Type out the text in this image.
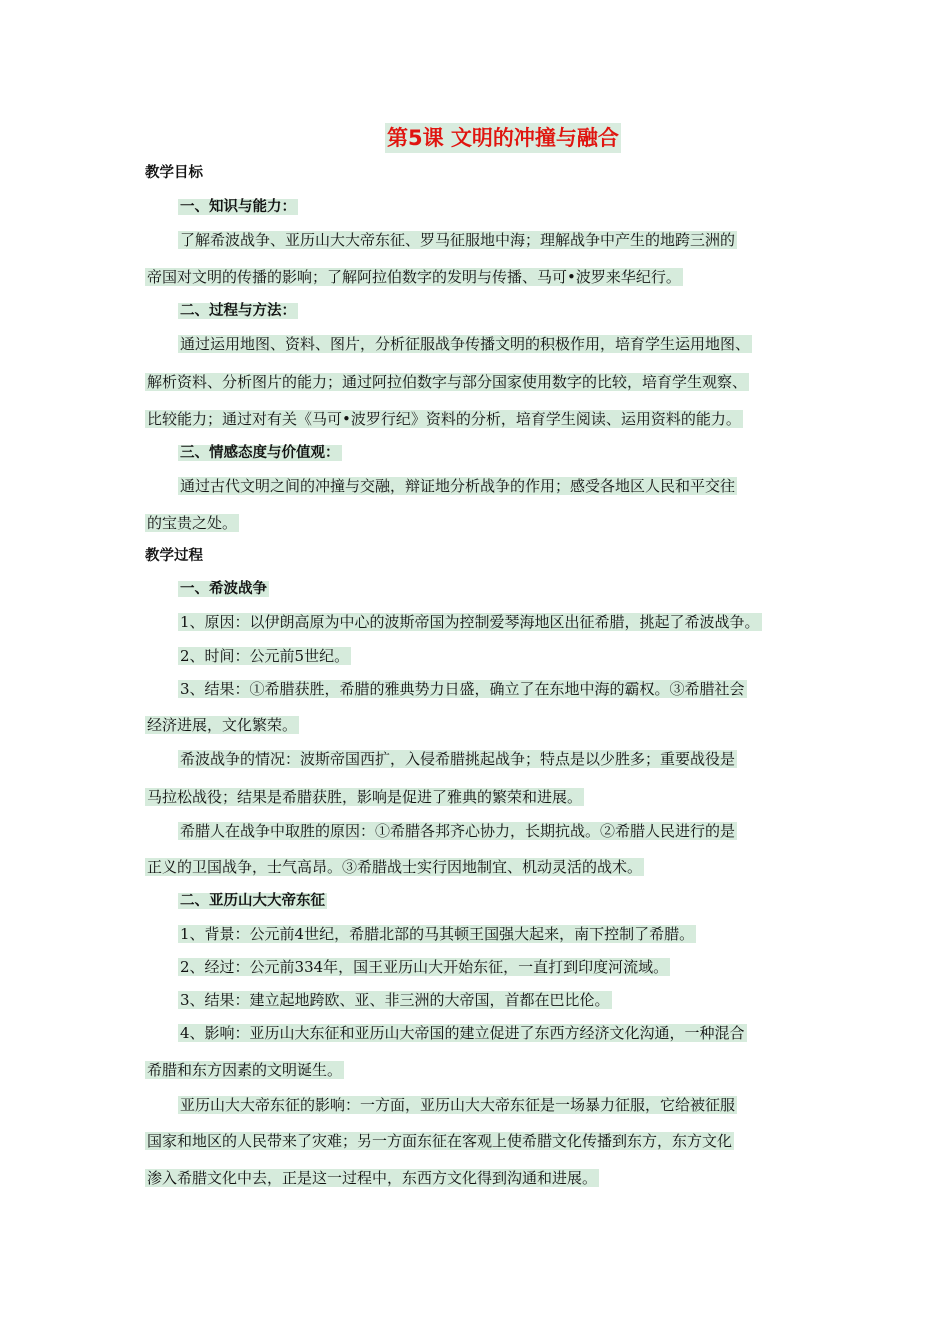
第5课 文明的冲撞与融合
教学目标
一、知识与能力：
了解希波战争、亚历山大大帝东征、罗马征服地中海；理解战争中产生的地跨三洲的
帝国对文明的传播的影响；了解阿拉伯数字的发明与传播、马可•波罗来华纪行。
二、过程与方法：
通过运用地图、资料、图片，分析征服战争传播文明的积极作用，培育学生运用地图、
解析资料、分析图片的能力；通过阿拉伯数字与部分国家使用数字的比较，培育学生观察、
比较能力；通过对有关《马可•波罗行纪》资料的分析，培育学生阅读、运用资料的能力。
三、情感态度与价值观：
通过古代文明之间的冲撞与交融，辩证地分析战争的作用；感受各地区人民和平交往
的宝贵之处。
教学过程
一、希波战争
1、原因：以伊朗高原为中心的波斯帝国为控制爱琴海地区出征希腊，挑起了希波战争。
2、时间：公元前5世纪。
3、结果：①希腊获胜，希腊的雅典势力日盛，确立了在东地中海的霸权。③希腊社会
经济进展，文化繁荣。
希波战争的情况：波斯帝国西扩，入侵希腊挑起战争；特点是以少胜多；重要战役是
马拉松战役；结果是希腊获胜，影响是促进了雅典的繁荣和进展。
希腊人在战争中取胜的原因：①希腊各邦齐心协力，长期抗战。②希腊人民进行的是
正义的卫国战争，士气高昂。③希腊战士实行因地制宜、机动灵活的战术。
二、亚历山大大帝东征
1、背景：公元前4世纪，希腊北部的马其顿王国强大起来，南下控制了希腊。
2、经过：公元前334年，国王亚历山大开始东征，一直打到印度河流域。
3、结果：建立起地跨欧、亚、非三洲的大帝国，首都在巴比伦。
4、影响：亚历山大东征和亚历山大帝国的建立促进了东西方经济文化沟通，一种混合
希腊和东方因素的文明诞生。
亚历山大大帝东征的影响：一方面，亚历山大大帝东征是一场暴力征服，它给被征服
国家和地区的人民带来了灾难；另一方面东征在客观上使希腊文化传播到东方，东方文化
渗入希腊文化中去，正是这一过程中，东西方文化得到沟通和进展。
